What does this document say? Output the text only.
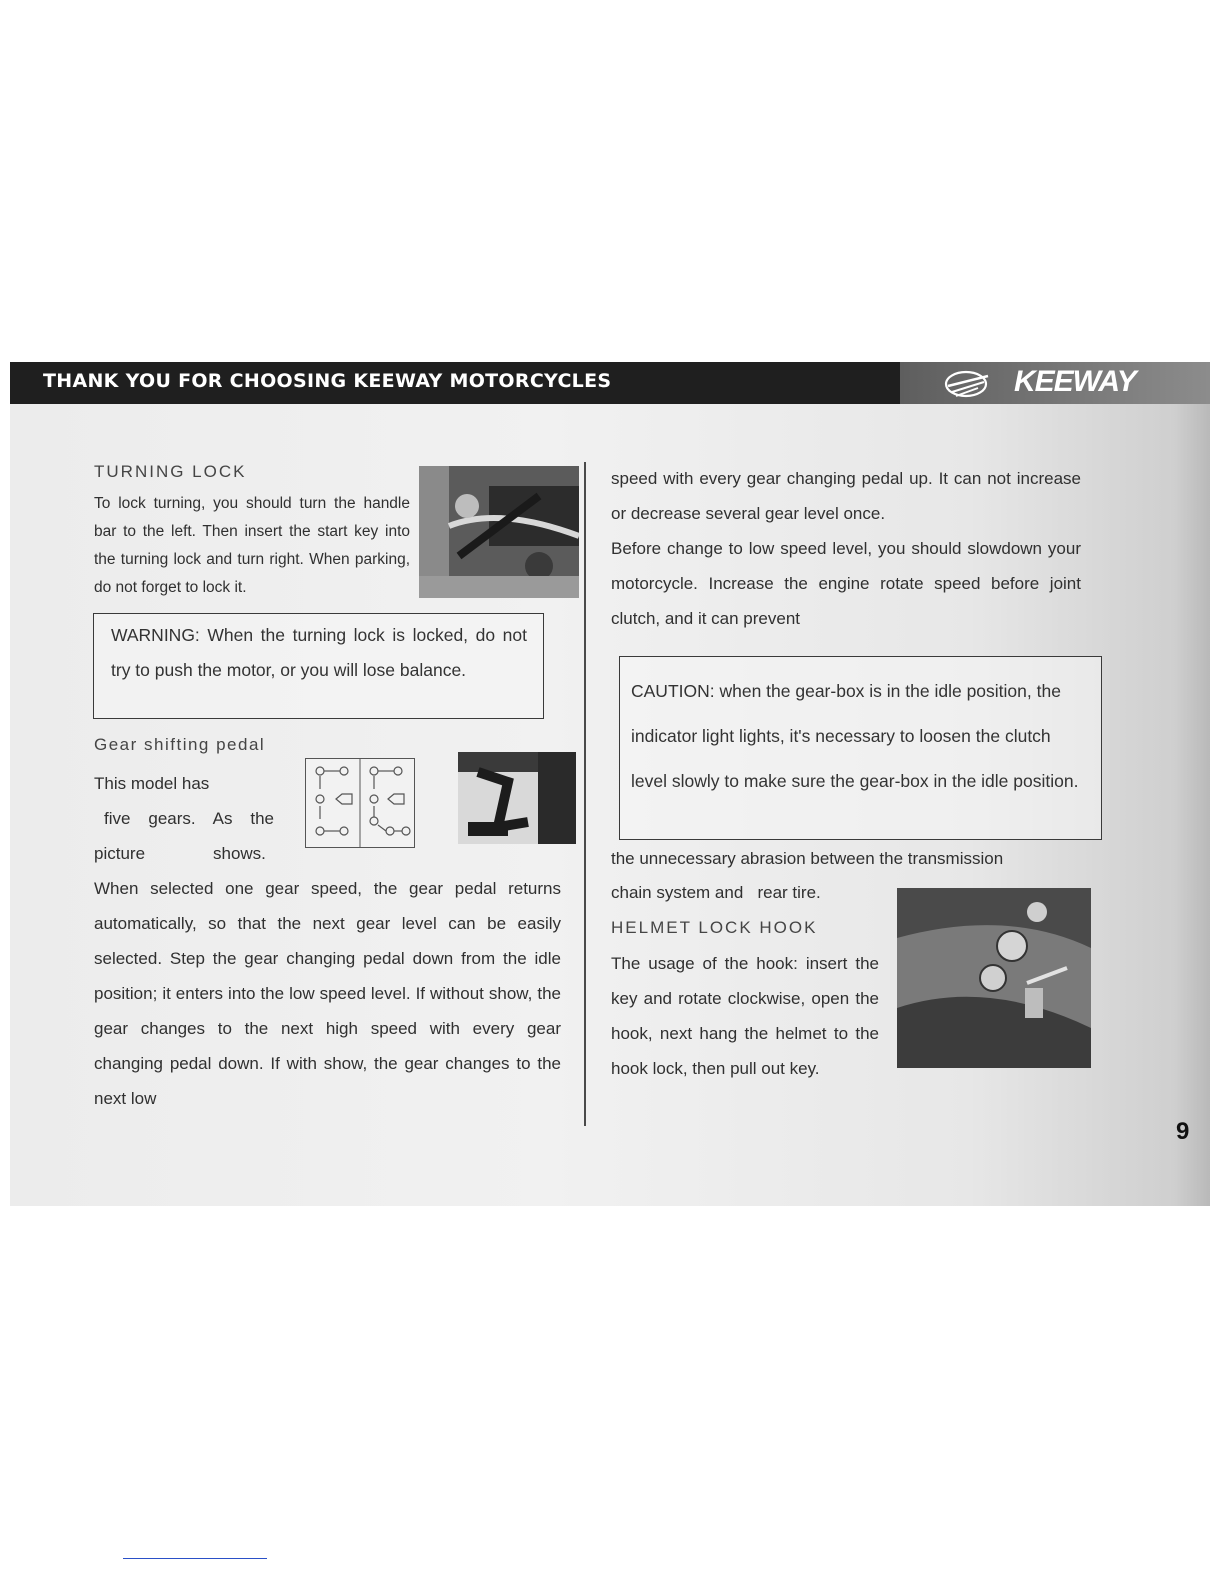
THANK YOU FOR CHOOSING KEEWAY MOTORCYCLES	KEEWAY
TURNING LOCK
To lock turning, you should turn the handle bar to the left. Then insert the start key into the turning lock and turn right. When parking, do not forget to lock it.

WARNING: When the turning lock is locked, do not try to push the motor, or you will lose balance.

Gear shifting pedal
This model has
five gears. As the
picture	shows.
When selected one gear speed, the gear pedal returns automatically, so that the next gear level can be easily selected. Step the gear changing pedal down from the idle position; it enters into the low speed level. If without show, the gear changes to the next high speed with every gear changing pedal down. If with show, the gear changes to the next low
speed with every gear changing pedal up. It can not increase or decrease several gear level once.
Before change to low speed level, you should slowdown your motorcycle. Increase the engine rotate speed before joint clutch, and it can prevent

CAUTION: when the gear-box is in the idle position, the indicator light lights, it's necessary to loosen the clutch level slowly to make sure the gear-box in the idle position.

the unnecessary abrasion between the transmission
chain system and   rear tire.
HELMET LOCK HOOK
The usage of the hook: insert the key and rotate clockwise, open the hook, next hang the helmet to the hook lock, then pull out key.
9
